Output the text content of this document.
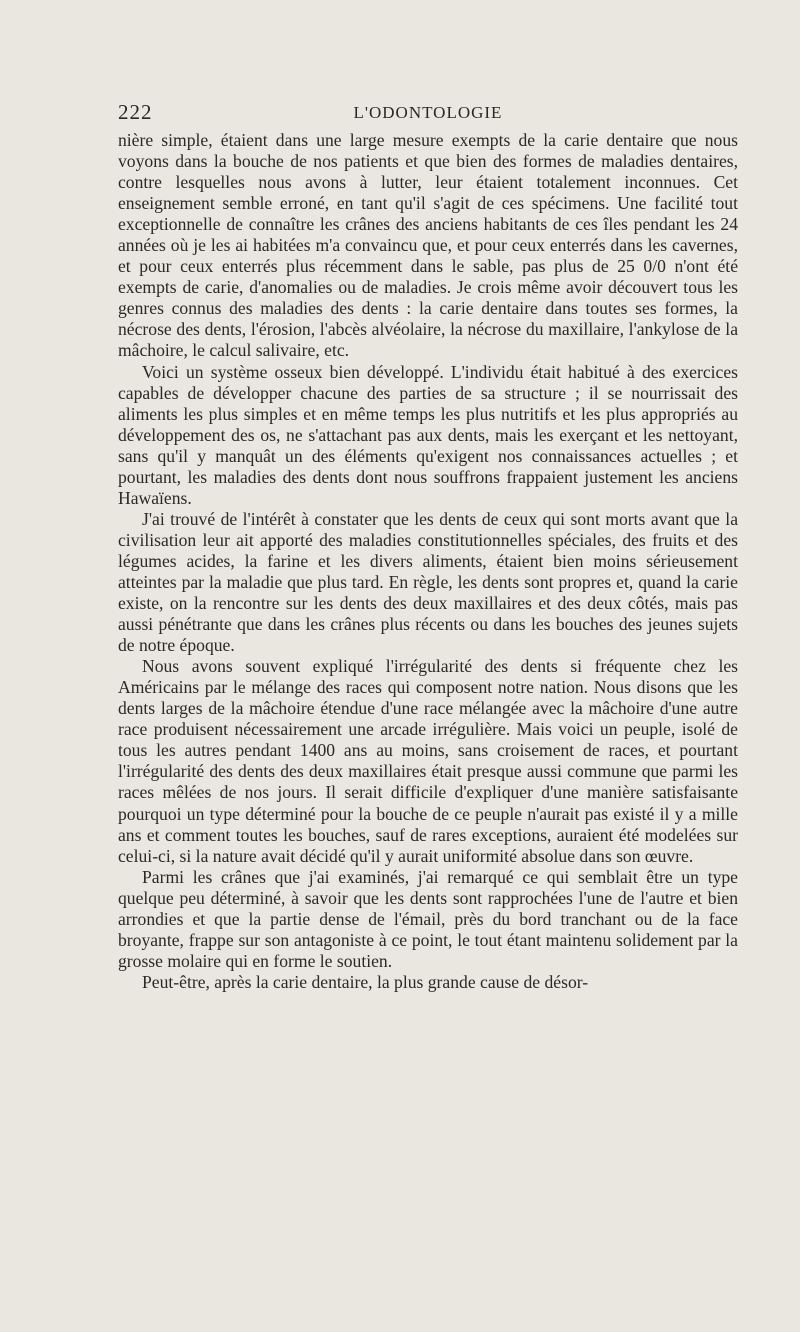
222	L'ODONTOLOGIE

nière simple, étaient dans une large mesure exempts de la carie dentaire que nous voyons dans la bouche de nos patients et que bien des formes de maladies dentaires, contre lesquelles nous avons à lutter, leur étaient totalement inconnues. Cet enseignement semble erroné, en tant qu'il s'agit de ces spécimens. Une facilité tout exceptionnelle de connaître les crânes des anciens habitants de ces îles pendant les 24 années où je les ai habitées m'a convaincu que, et pour ceux enterrés dans les cavernes, et pour ceux enterrés plus récemment dans le sable, pas plus de 25 0/0 n'ont été exempts de carie, d'anomalies ou de maladies. Je crois même avoir découvert tous les genres connus des maladies des dents : la carie dentaire dans toutes ses formes, la nécrose des dents, l'érosion, l'abcès alvéolaire, la nécrose du maxillaire, l'ankylose de la mâchoire, le calcul salivaire, etc.

Voici un système osseux bien développé. L'individu était habitué à des exercices capables de développer chacune des parties de sa structure ; il se nourrissait des aliments les plus simples et en même temps les plus nutritifs et les plus appropriés au développement des os, ne s'attachant pas aux dents, mais les exerçant et les nettoyant, sans qu'il y manquât un des éléments qu'exigent nos connaissances actuelles ; et pourtant, les maladies des dents dont nous souffrons frappaient justement les anciens Hawaïens.

J'ai trouvé de l'intérêt à constater que les dents de ceux qui sont morts avant que la civilisation leur ait apporté des maladies constitutionnelles spéciales, des fruits et des légumes acides, la farine et les divers aliments, étaient bien moins sérieusement atteintes par la maladie que plus tard. En règle, les dents sont propres et, quand la carie existe, on la rencontre sur les dents des deux maxillaires et des deux côtés, mais pas aussi pénétrante que dans les crânes plus récents ou dans les bouches des jeunes sujets de notre époque.

Nous avons souvent expliqué l'irrégularité des dents si fréquente chez les Américains par le mélange des races qui composent notre nation. Nous disons que les dents larges de la mâchoire étendue d'une race mélangée avec la mâchoire d'une autre race produisent nécessairement une arcade irrégulière. Mais voici un peuple, isolé de tous les autres pendant 1400 ans au moins, sans croisement de races, et pourtant l'irrégularité des dents des deux maxillaires était presque aussi commune que parmi les races mêlées de nos jours. Il serait difficile d'expliquer d'une manière satisfaisante pourquoi un type déterminé pour la bouche de ce peuple n'aurait pas existé il y a mille ans et comment toutes les bouches, sauf de rares exceptions, auraient été modelées sur celui-ci, si la nature avait décidé qu'il y aurait uniformité absolue dans son œuvre.

Parmi les crânes que j'ai examinés, j'ai remarqué ce qui semblait être un type quelque peu déterminé, à savoir que les dents sont rapprochées l'une de l'autre et bien arrondies et que la partie dense de l'émail, près du bord tranchant ou de la face broyante, frappe sur son antagoniste à ce point, le tout étant maintenu solidement par la grosse molaire qui en forme le soutien.

Peut-être, après la carie dentaire, la plus grande cause de désor-
